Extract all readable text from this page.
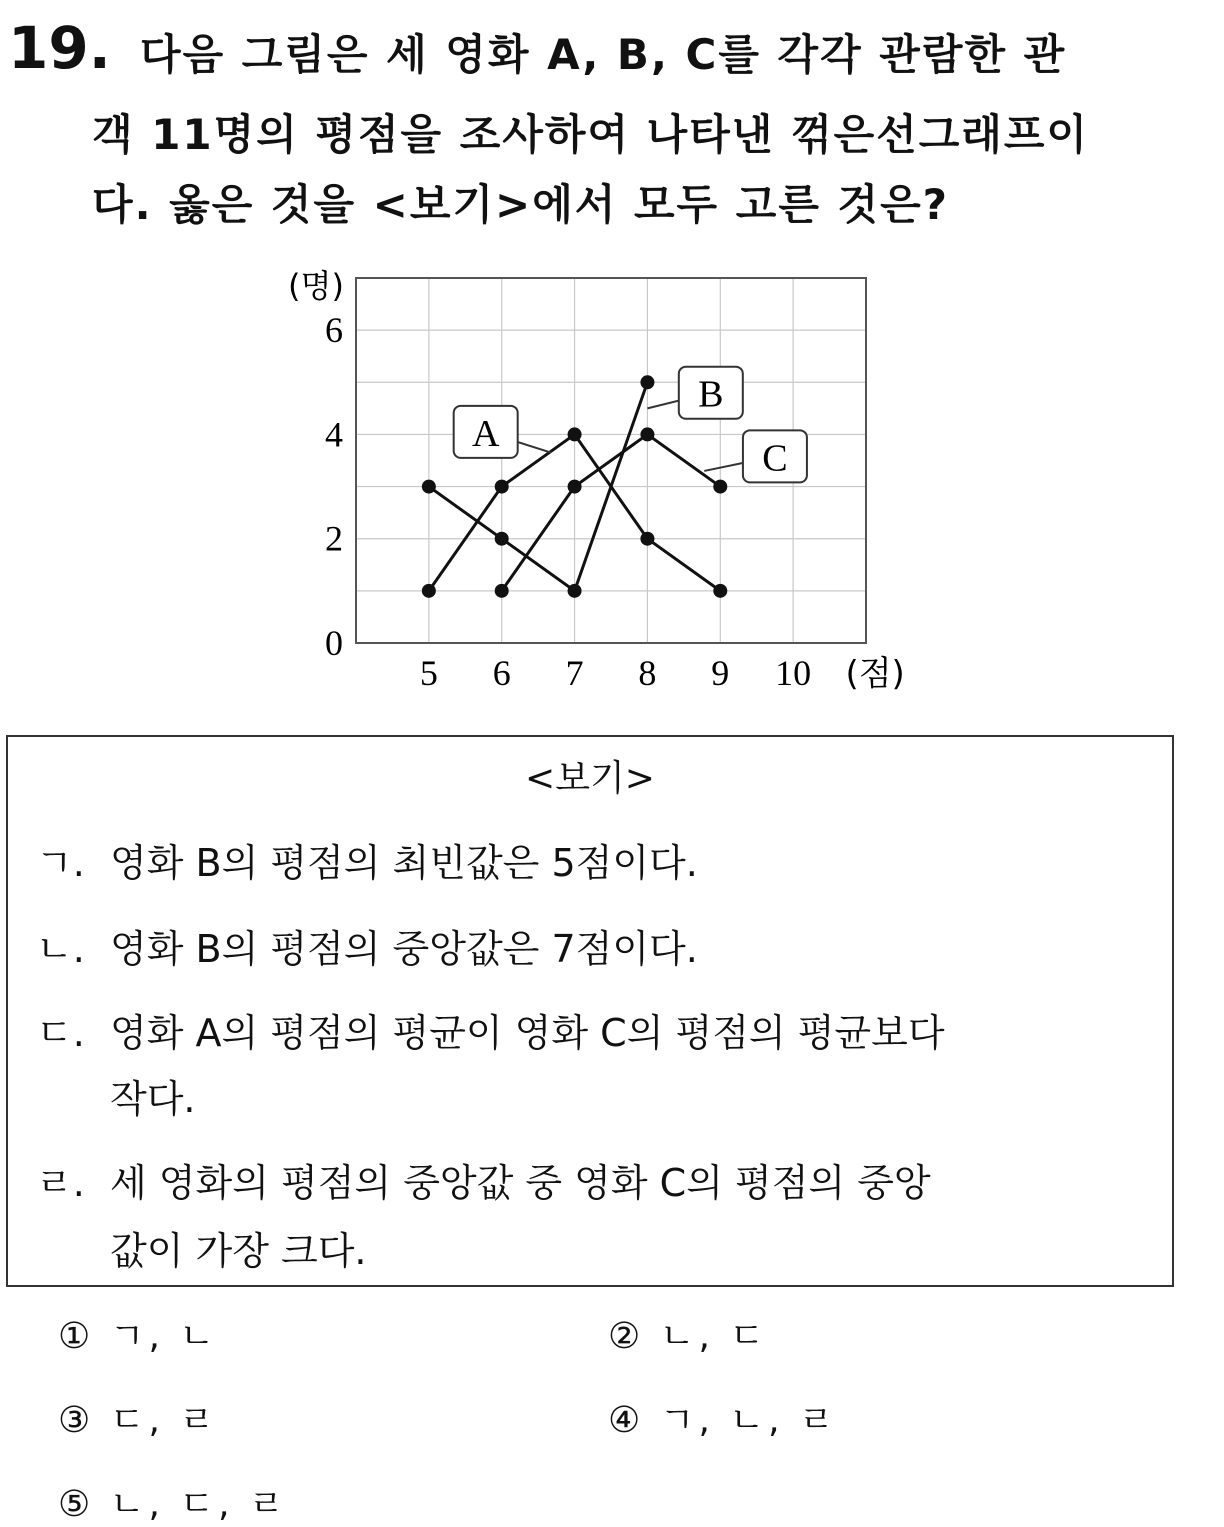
19. 다음 그림은 세 영화 A, B, C를 각각 관람한 관
객 11명의 평점을 조사하여 나타낸 꺾은선그래프이
다. 옳은 것을 <보기>에서 모두 고른 것은?
5 6 7 8 9 10
0
2
4
6
(명)
(점)
A
B
C
<보기>
ㄱ. 영화 B의 평점의 최빈값은 5점이다.
ㄴ. 영화 B의 평점의 중앙값은 7점이다.
ㄷ. 영화 A의 평점의 평균이 영화 C의 평점의 평균보다
작다.
ㄹ. 세 영화의 평점의 중앙값 중 영화 C의 평점의 중앙
값이 가장 크다.
① ㄱ, ㄴ	② ㄴ, ㄷ
③ ㄷ, ㄹ	④ ㄱ, ㄴ, ㄹ
⑤ ㄴ, ㄷ, ㄹ
